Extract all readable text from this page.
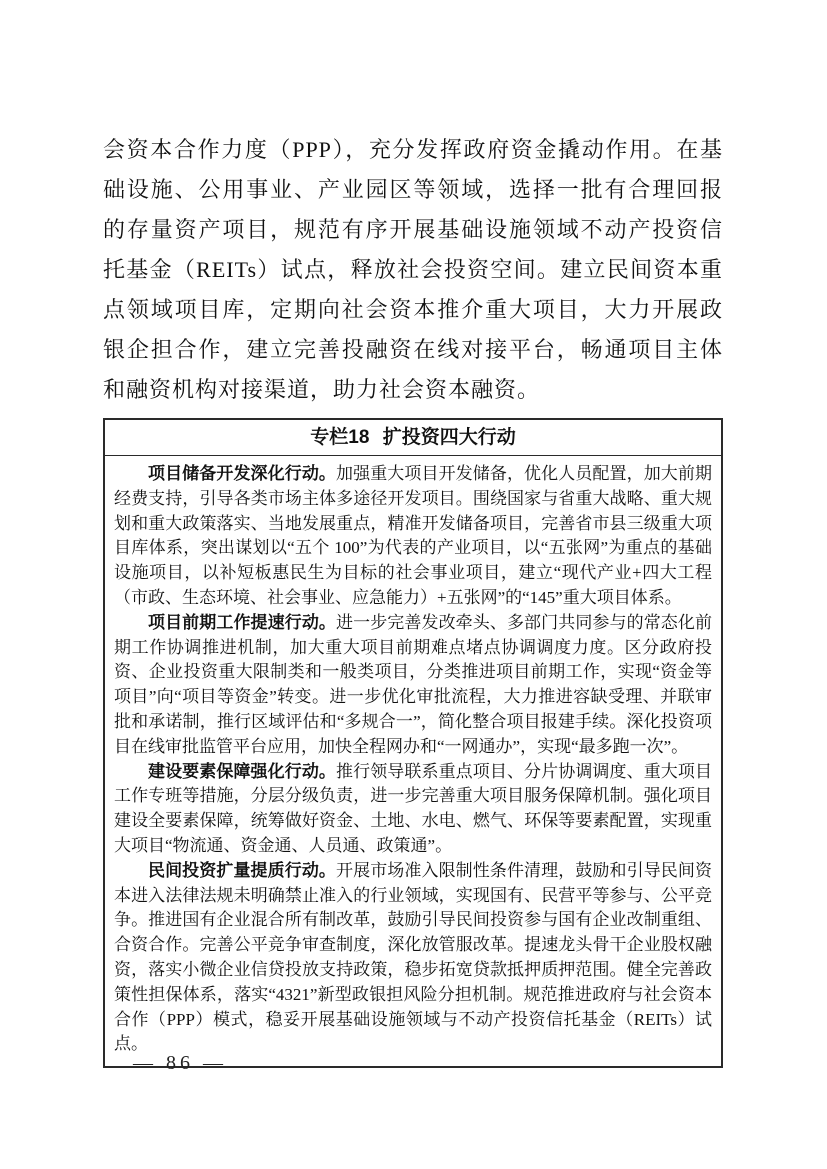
会资本合作力度（PPP），充分发挥政府资金撬动作用。在基础设施、公用事业、产业园区等领域，选择一批有合理回报的存量资产项目，规范有序开展基础设施领域不动产投资信托基金（REITs）试点，释放社会投资空间。建立民间资本重点领域项目库，定期向社会资本推介重大项目，大力开展政银企担合作，建立完善投融资在线对接平台，畅通项目主体和融资机构对接渠道，助力社会资本融资。

专栏18 扩投资四大行动

项目储备开发深化行动。加强重大项目开发储备，优化人员配置，加大前期经费支持，引导各类市场主体多途径开发项目。围绕国家与省重大战略、重大规划和重大政策落实、当地发展重点，精准开发储备项目，完善省市县三级重大项目库体系，突出谋划以“五个 100”为代表的产业项目，以“五张网”为重点的基础设施项目，以补短板惠民生为目标的社会事业项目，建立“现代产业+四大工程（市政、生态环境、社会事业、应急能力）+五张网”的“145”重大项目体系。

项目前期工作提速行动。进一步完善发改牵头、多部门共同参与的常态化前期工作协调推进机制，加大重大项目前期难点堵点协调调度力度。区分政府投资、企业投资重大限制类和一般类项目，分类推进项目前期工作，实现“资金等项目”向“项目等资金”转变。进一步优化审批流程，大力推进容缺受理、并联审批和承诺制，推行区域评估和“多规合一”，简化整合项目报建手续。深化投资项目在线审批监管平台应用，加快全程网办和“一网通办”，实现“最多跑一次”。

建设要素保障强化行动。推行领导联系重点项目、分片协调调度、重大项目工作专班等措施，分层分级负责，进一步完善重大项目服务保障机制。强化项目建设全要素保障，统筹做好资金、土地、水电、燃气、环保等要素配置，实现重大项目“物流通、资金通、人员通、政策通”。

民间投资扩量提质行动。开展市场准入限制性条件清理，鼓励和引导民间资本进入法律法规未明确禁止准入的行业领域，实现国有、民营平等参与、公平竞争。推进国有企业混合所有制改革，鼓励引导民间投资参与国有企业改制重组、合资合作。完善公平竞争审查制度，深化放管服改革。提速龙头骨干企业股权融资，落实小微企业信贷投放支持政策，稳步拓宽贷款抵押质押范围。健全完善政策性担保体系，落实“4321”新型政银担风险分担机制。规范推进政府与社会资本合作（PPP）模式，稳妥开展基础设施领域与不动产投资信托基金（REITs）试点。

— 86 —
